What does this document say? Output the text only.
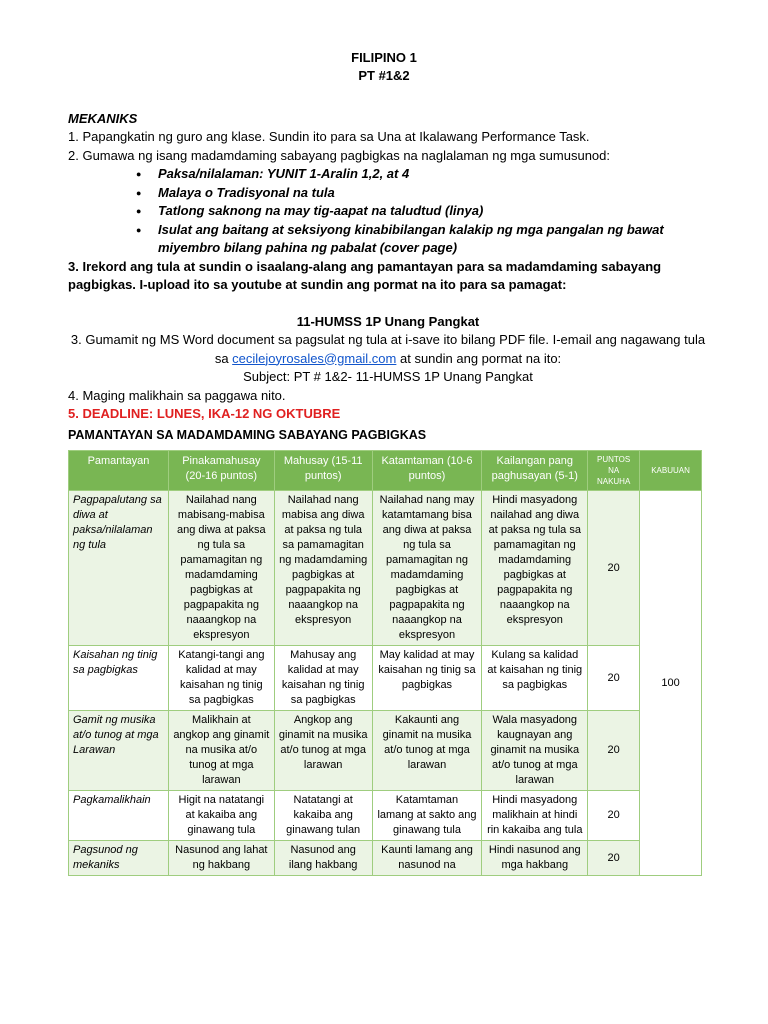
FILIPINO 1
PT #1&2
MEKANIKS
1. Papangkatin ng guro ang klase. Sundin ito para sa Una at Ikalawang Performance Task.
2. Gumawa ng isang madamdaming sabayang pagbigkas na naglalaman ng mga sumusunod:
● Paksa/nilalaman: YUNIT 1-Aralin 1,2, at 4
● Malaya o Tradisyonal na tula
● Tatlong saknong na may tig-aapat na taludtud (linya)
● Isulat ang baitang at seksiyong kinabibilangan kalakip ng mga pangalan ng bawat miyembro bilang pahina ng pabalat (cover page)
3. Irekord ang tula at sundin o isaalang-alang ang pamantayan para sa madamdaming sabayang pagbigkas. I-upload ito sa youtube at sundin ang pormat na ito para sa pamagat:
11-HUMSS 1P Unang Pangkat
3. Gumamit ng MS Word document sa pagsulat ng tula at i-save ito bilang PDF file. I-email ang nagawang tula sa cecilejoyrosales@gmail.com at sundin ang pormat na ito:
Subject: PT # 1&2- 11-HUMSS 1P Unang Pangkat
4. Maging malikhain sa paggawa nito.
5. DEADLINE: LUNES, IKA-12 NG OKTUBRE
PAMANTAYAN SA MADAMDAMING SABAYANG PAGBIGKAS
Pamantayan	Pinakamahusay (20-16 puntos)	Mahusay (15-11 puntos)	Katamtaman (10-6 puntos)	Kailangan pang paghusayan (5-1)	PUNTOS NA NAKUHA	KABUUAN
Pagpapalutang sa diwa at paksa/nilalaman ng tula	Nailahad nang mabisang-mabisa ang diwa at paksa ng tula sa pamamagitan ng madamdaming pagbigkas at pagpapakita ng naaangkop na ekspresyon	Nailahad nang mabisa ang diwa at paksa ng tula sa pamamagitan ng madamdaming pagbigkas at pagpapakita ng naaangkop na ekspresyon	Nailahad nang may katamtamang bisa ang diwa at paksa ng tula sa pamamagitan ng madamdaming pagbigkas at pagpapakita ng naaangkop na ekspresyon	Hindi masyadong nailahad ang diwa at paksa ng tula sa pamamagitan ng madamdaming pagbigkas at pagpapakita ng naaangkop na ekspresyon	20	100
Kaisahan ng tinig sa pagbigkas	Katangi-tangi ang kalidad at may kaisahan ng tinig sa pagbigkas	Mahusay ang kalidad at may kaisahan ng tinig sa pagbigkas	May kalidad at may kaisahan ng tinig sa pagbigkas	Kulang sa kalidad at kaisahan ng tinig sa pagbigkas	20	
Gamit ng musika at/o tunog at mga Larawan	Malikhain at angkop ang ginamit na musika at/o tunog at mga larawan	Angkop ang ginamit na musika at/o tunog at mga larawan	Kakaunti ang ginamit na musika at/o tunog at mga larawan	Wala masyadong kaugnayan ang ginamit na musika at/o tunog at mga larawan	20	
Pagkamalikhain	Higit na natatangi at kakaiba ang ginawang tula	Natatangi at kakaiba ang ginawang tulan	Katamtaman lamang at sakto ang ginawang tula	Hindi masyadong malikhain at hindi rin kakaiba ang tula	20	
Pagsunod ng mekaniks	Nasunod ang lahat ng hakbang	Nasunod ang ilang hakbang	Kaunti lamang ang nasunod na	Hindi nasunod ang mga hakbang	20	
